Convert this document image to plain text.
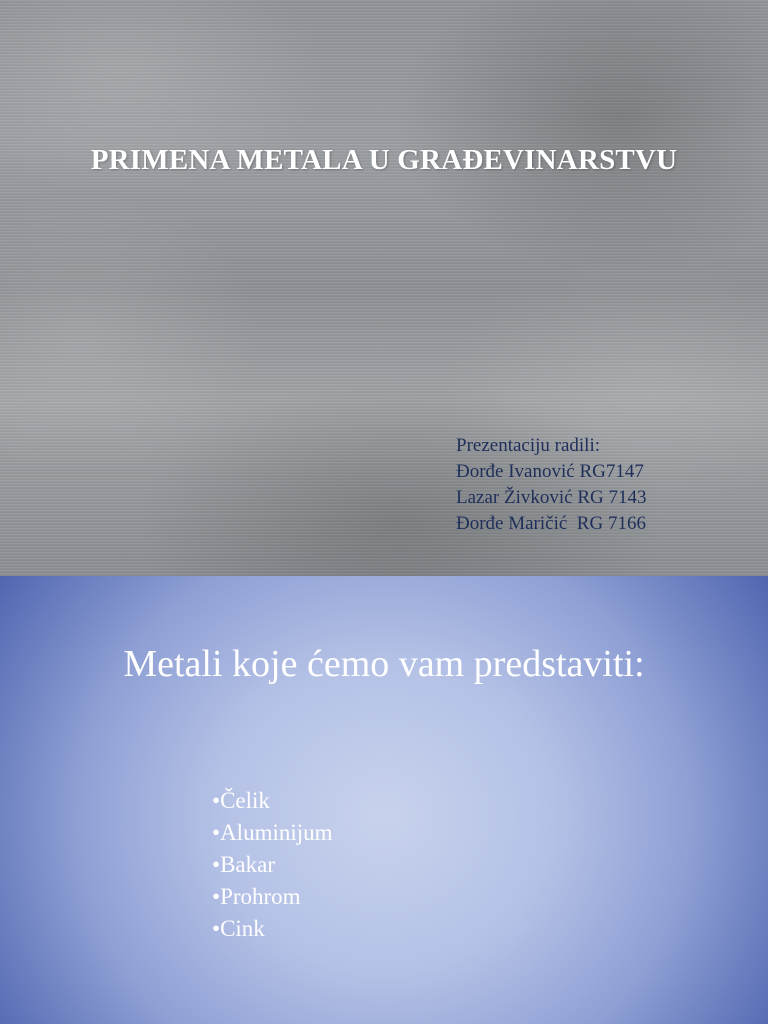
PRIMENA METALA U GRAĐEVINARSTVU
Prezentaciju radili:
Đorđe Ivanović RG7147
Lazar Živković RG 7143
Đorđe Maričić  RG 7166
Metali koje ćemo vam predstaviti:
• Čelik
• Aluminijum
• Bakar
• Prohrom
• Cink
